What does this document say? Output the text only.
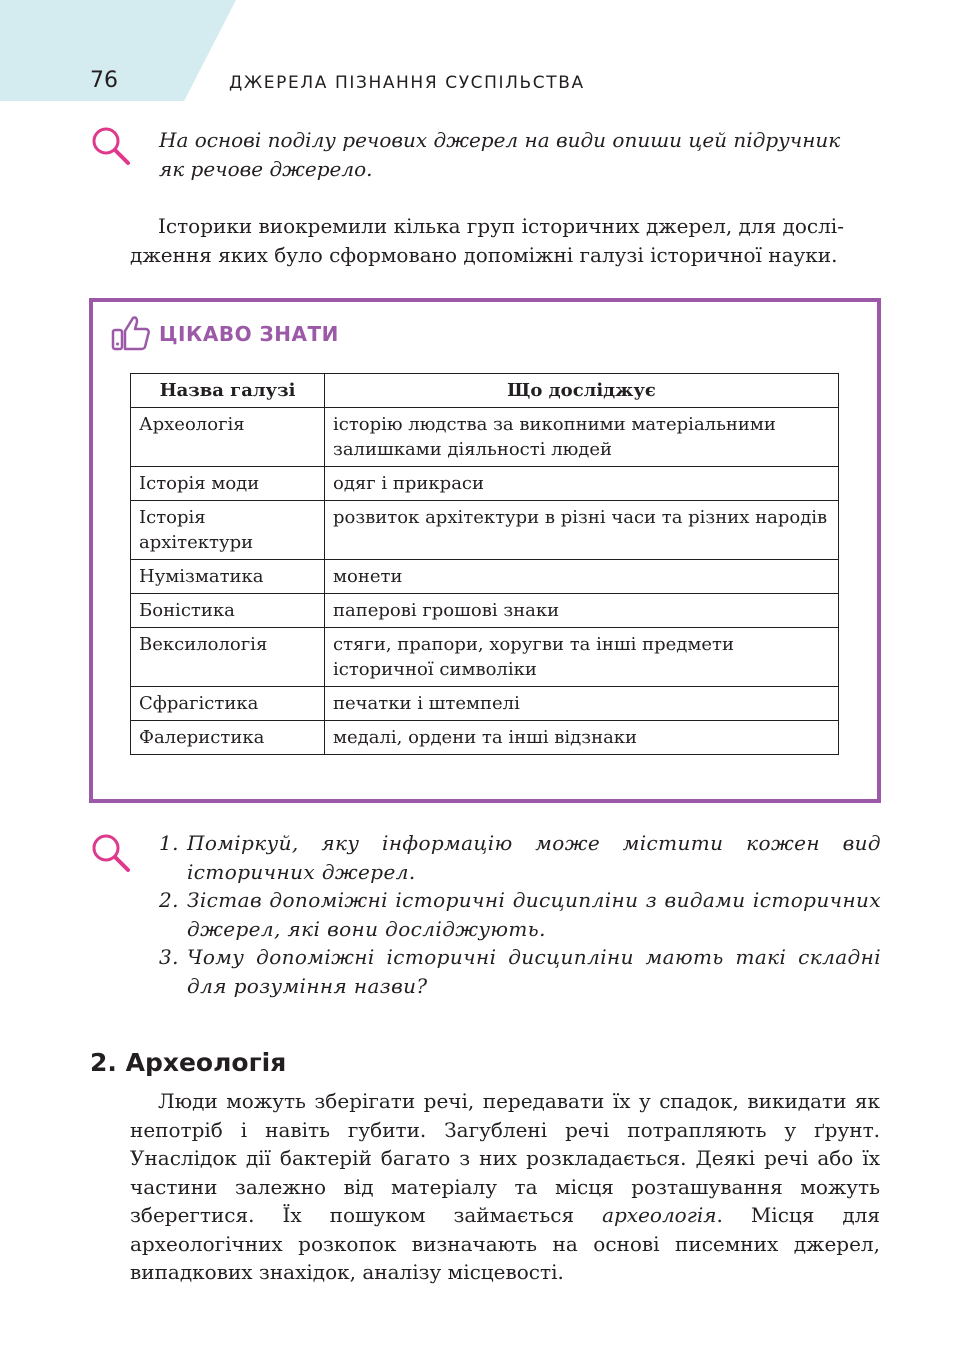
76	ДЖЕРЕЛА ПІЗНАННЯ СУСПІЛЬСТВА
На основі поділу речових джерел на види опиши цей підручник
як речове джерело.
Історики виокремили кілька груп історичних джерел, для дослі-
дження яких було сформовано допоміжні галузі історичної науки.
ЦІКАВО ЗНАТИ
Назва галузі	Що досліджує
Археологія	історію людства за викопними матеріальними залишками діяльності людей
Історія моди	одяг і прикраси
Історія архітектури	розвиток архітектури в різні часи та різних народів
Нумізматика	монети
Боністика	паперові грошові знаки
Вексилологія	стяги, прапори, хоругви та інші предмети історичної символіки
Сфрагістика	печатки і штемпелі
Фалеристика	медалі, ордени та інші відзнаки
1. Поміркуй, яку інформацію може містити кожен вид історичних джерел.
2. Зістав допоміжні історичні дисципліни з видами історичних джерел, які вони досліджують.
3. Чому допоміжні історичні дисципліни мають такі складні для розуміння назви?
2. Археологія
Люди можуть зберігати речі, передавати їх у спадок, викидати як непотріб і навіть губити. Загублені речі потрапляють у ґрунт. Унаслідок дії бактерій багато з них розкладається. Деякі речі або їх частини залежно від матеріалу та місця розташування можуть зберегтися. Їх пошуком займається археологія. Місця для археологічних розкопок визначають на основі писемних джерел, випадкових знахідок, аналізу місцевості.
